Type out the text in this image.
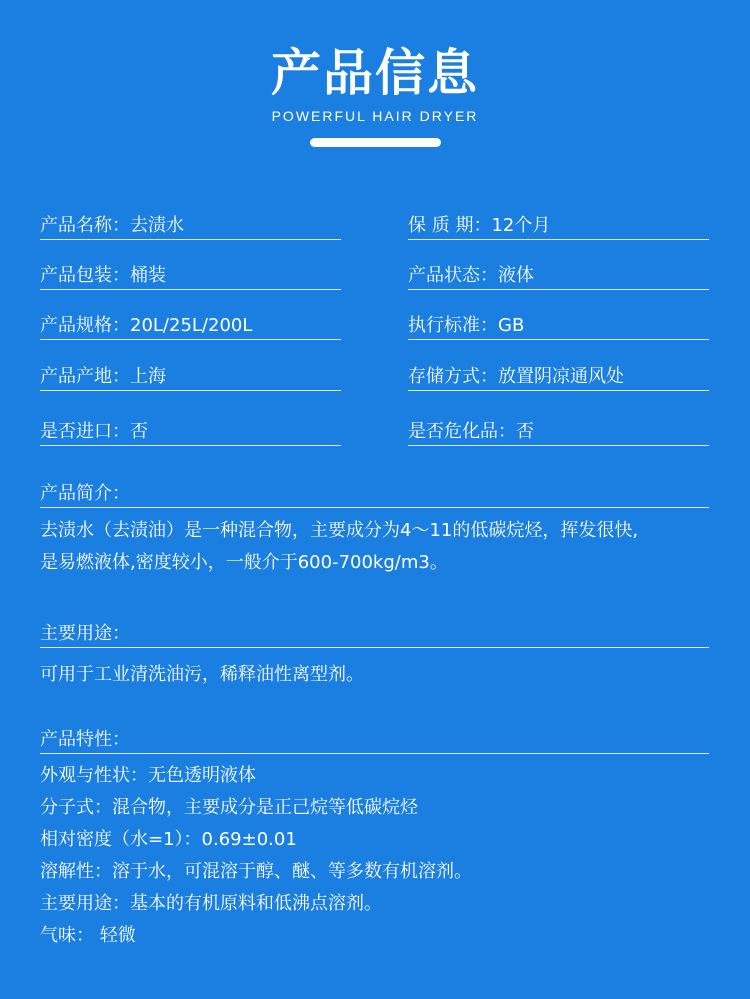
产品信息
POWERFUL HAIR DRYER
产品名称：去渍水	保 质 期：12个月
产品包装：桶装	产品状态：液体
产品规格：20L/25L/200L	执行标准：GB
产品产地：上海	存储方式：放置阴凉通风处
是否进口：否	是否危化品：否
产品简介：
去渍水（去渍油）是一种混合物，主要成分为4～11的低碳烷烃，挥发很快,
是易燃液体,密度较小，一般介于600-700kg/m3。
主要用途：
可用于工业清洗油污，稀释油性离型剂。
产品特性：
外观与性状：无色透明液体
分子式：混合物，主要成分是正己烷等低碳烷烃
相对密度（水=1）：0.69±0.01
溶解性：溶于水，可混溶于醇、醚、等多数有机溶剂。
主要用途：基本的有机原料和低沸点溶剂。
气味： 轻微
